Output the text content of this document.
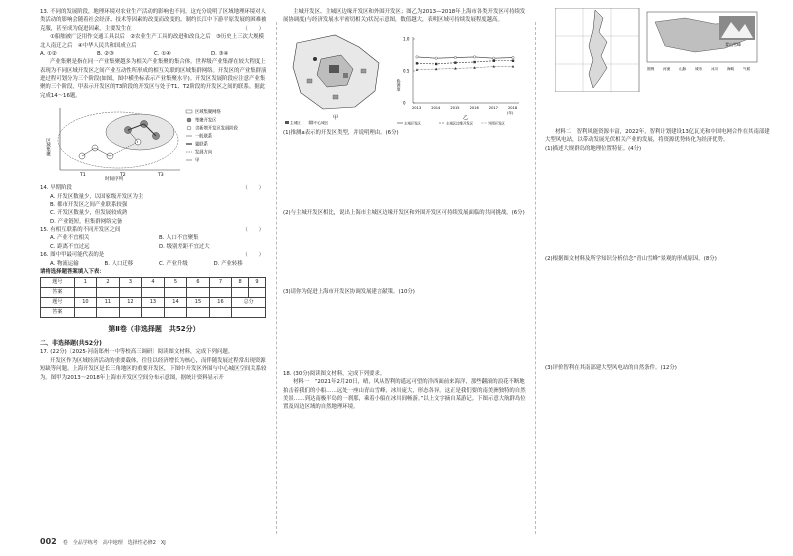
13. 不同的发展阶段，地理环境对农业生产活动的影响也不同。这充分说明了区域地理环境对人类活动的影响会随着社会经济、技术等因素的改变而改变的。制约长江中下游平原发展的困难被克服，甚至成为促进因素，主要发生在	（　　）

①船舶被广泛用作交通工具以后　②农业生产工具的改进和改良之后　③历史上三次大规模北人南迁之后　④中华人民共和国成立后

A. ①②	B. ②③	C. ①④	D. ③④

产业集聚是指在同一产业集聚越多为相关产业集聚的集合体。世界级产业集群在较大程度上表现为不同区域开发区之间产业互动性所形成的相互关联的区域集群网络。开发区的产业集群演进过程可划分为三个阶段(如图，图中横坐标表示产业集聚水平)。开发区发展阶段应注意产业集聚的三个阶段，甲表示开发区的T3阶段的开发区与处于T1、T2阶段的开发区之间的联系。据此完成14～16题。

区域集聚
时间序列
T1	T2	T3
区域集聚网络
集聚开发区
含新增开发区发展阶段
一般联系
强联系
发展方向
甲

14. 早期阶段	（　　）

A. 开发区数量少，以国家级开发区为主

B. 都市开发区之间产业联系较强

C. 开发区数量少，但发展较成熟

D. 产业链短，但集群网络完备

15. 有相互联系的不同开发区之间	（　　）

A. 产业不宜相关	B. 人口不宜聚集
C. 距离不宜过远	D. 级别差距不宜过大

16. 图中甲最可能代表的是	（　　）

A. 物流运输	B. 人口迁移	C. 产业升级	D. 产业转移

请将选择题答案填入下表：

题号	1	2	3	4	5	6	7	8	9
答案									
题号	10	11	12	13	14	15	16	总分	
答案									

第Ⅱ卷（非选择题　共52分）

二、非选择题(共52分)

17. (22分)〔2025·河南郑州一中等校高三调研〕阅读图文材料，完成下列问题。

开发区作为区域经济活动的重要载体，往往以经济增长为核心，而伴随发展过程常出现资源短缺等问题。上海开发区是长三角地区的重要开发区，下图中开发区外围与中心城区空间关系较为。图甲为2013～2018年上海市开发区空间分布示意图，据统计资料显示开

主城开发区、主城区边缘开发区和外围开发区；图乙为2013—2018年上海市各类开发区可持续发展协调度(与经济发展水平密切相关)状况示意图，数值越大，表明区域可持续发展程度越高。

甲
主城区	中心城区
协调度
乙
0
0.5
1.0
2013	2014	2015	2016	2017	2018
(年)
主城开发区	主城区边缘开发区	外围开发区

(1)推测a表示的开发区类型，并说明理由。(6分)

(2)与主城开发区相比，说出上海市主城区边缘开发区和外围开发区可持续发展面临的共同挑战。(6分)

(3)请你为促进上海市开发区协调发展建言献策。(10分)

18. (30分)阅读图文材料，完成下列要求。

材料一　“2021年2月20日，晴，风从智利的遥远可望的洋西面前来海洋，那些翻滚的浪花不断地拍击着我们的小船……远处一座山青山雪峰，冰川庞大，形态各异。这正是我们要的南美洲独特的自然美景……到达南极半岛的一刹那，乘着小船在冰川间畅游。”以上文字摘自某游记。下图示意大航群岛位置及周边区域的自然地理环境。

青山雪峰
图例 河流 山脉 城市 冰川 海峡 气候

材料二　智利风能资源丰富，2022年，智利计划建设13亿瓦光和中国电网合作在其南部建大型风电站，以带动发展光伏相关产业的发展，将资源优势转化为经济优势。

(1)描述大规群岛的地理位置特征。(4分)

(2)根据图文材料及所学知识分析信念“青山雪峰”景观的形成原因。(8分)

(3)评价智利在其南部建大型风电站的自然条件。(12分)

002 卷　全品学练考　高中地理　选择性必修2　XJ
